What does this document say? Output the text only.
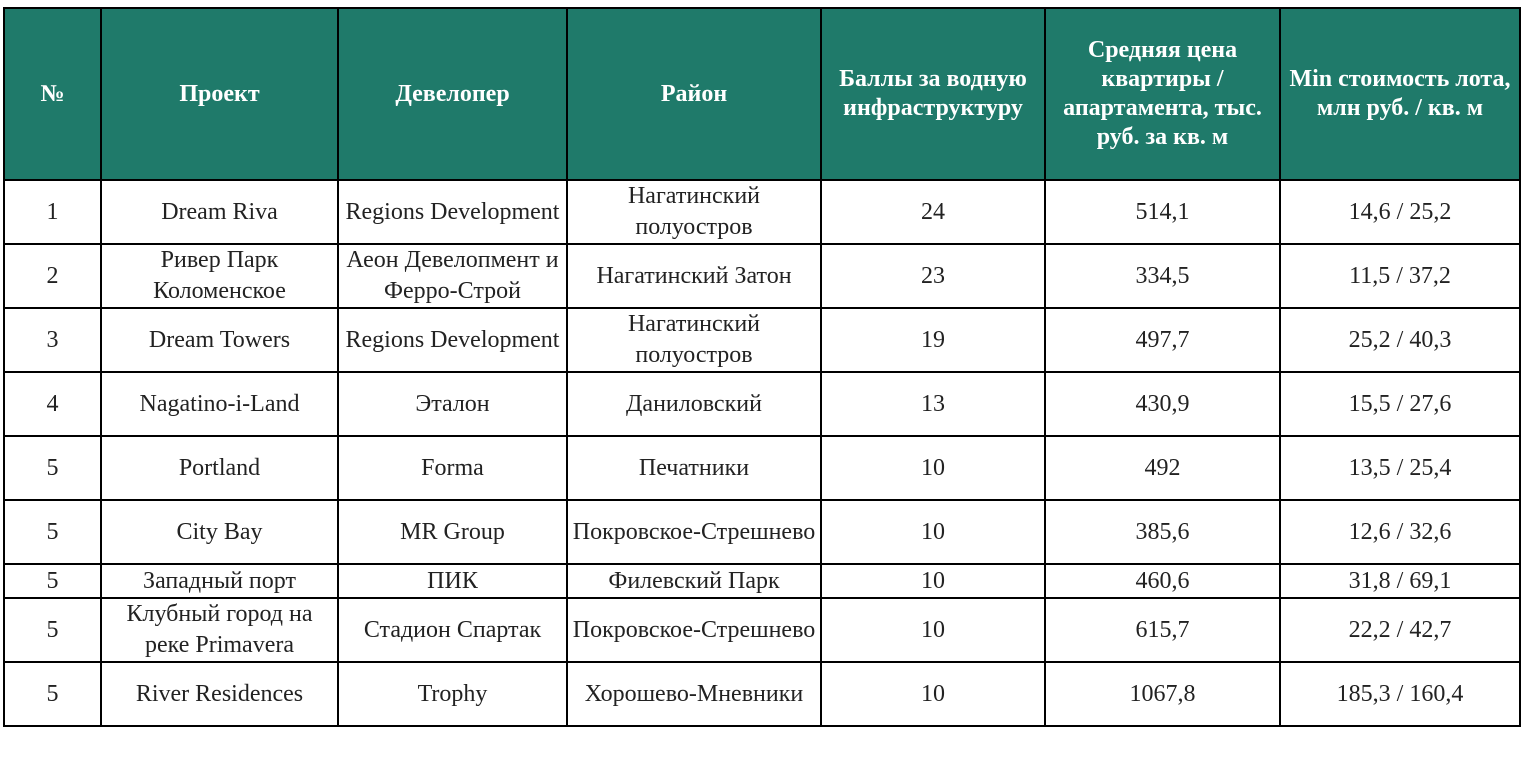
№	Проект	Девелопер	Район	Баллы за водную инфраструктуру	Средняя цена квартиры / апартамента, тыс. руб. за кв. м	Min стоимость лота, млн руб. / кв. м
1	Dream Riva	Regions Development	Нагатинский полуостров	24	514,1	14,6 / 25,2
2	Ривер Парк Коломенское	Аеон Девелопмент и Ферро-Строй	Нагатинский Затон	23	334,5	11,5 / 37,2
3	Dream Towers	Regions Development	Нагатинский полуостров	19	497,7	25,2 / 40,3
4	Nagatino-i-Land	Эталон	Даниловский	13	430,9	15,5 / 27,6
5	Portland	Forma	Печатники	10	492	13,5 / 25,4
5	City Bay	MR Group	Покровское-Стрешнево	10	385,6	12,6 / 32,6
5	Западный порт	ПИК	Филевский Парк	10	460,6	31,8 / 69,1
5	Клубный город на реке Primavera	Стадион Спартак	Покровское-Стрешнево	10	615,7	22,2 / 42,7
5	River Residences	Trophy	Хорошево-Мневники	10	1067,8	185,3 / 160,4
